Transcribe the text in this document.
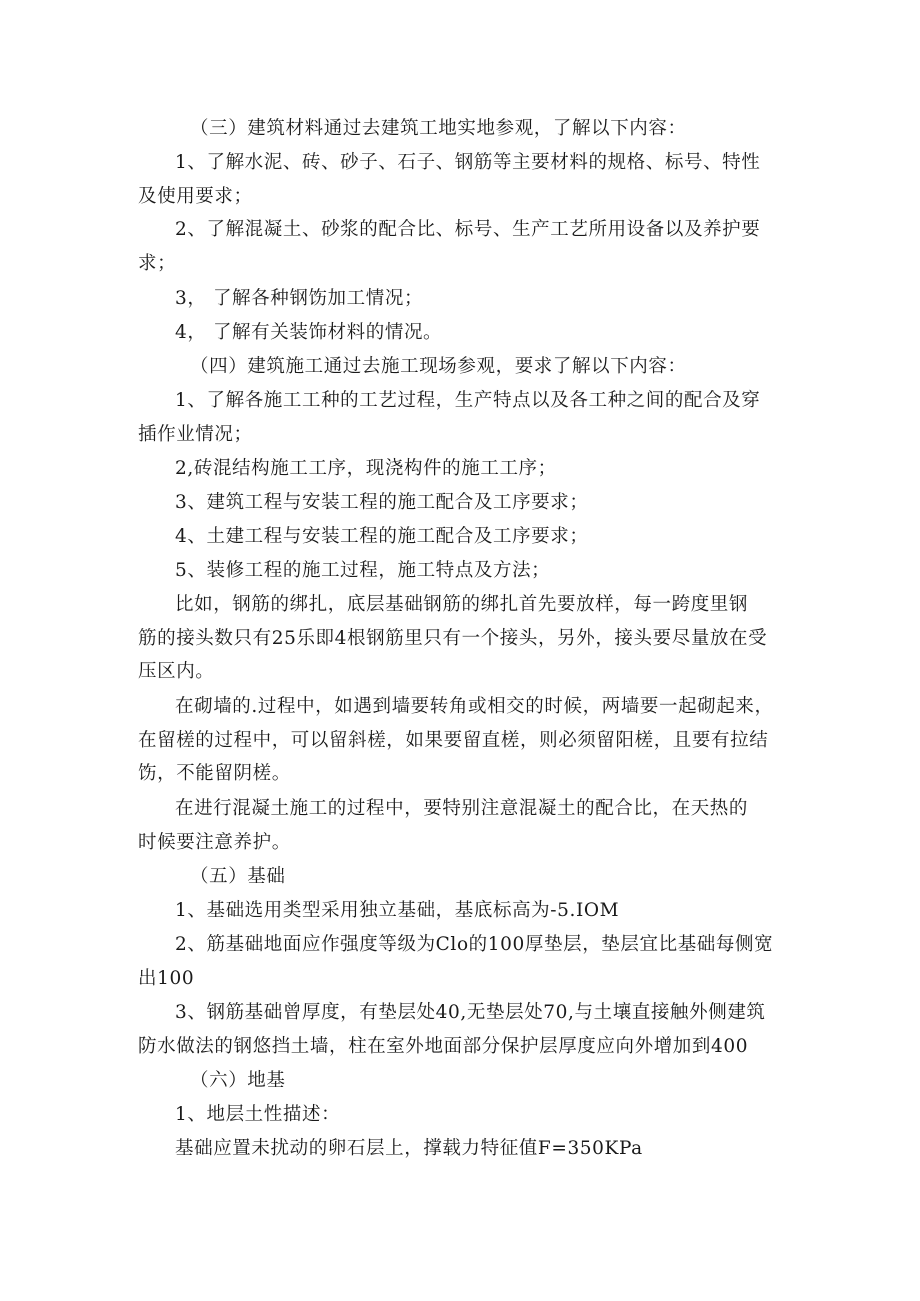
（三）建筑材料通过去建筑工地实地参观，了解以下内容：
1、了解水泥、砖、砂子、石子、钢筋等主要材料的规格、标号、特性
及使用要求；
2、了解混凝土、砂浆的配合比、标号、生产工艺所用设备以及养护要
求；
3， 了解各种钢饬加工情况；
4， 了解有关装饰材料的情况。
（四）建筑施工通过去施工现场参观，要求了解以下内容：
1、了解各施工工种的工艺过程，生产特点以及各工种之间的配合及穿
插作业情况；
2,砖混结构施工工序，现浇构件的施工工序；
3、建筑工程与安装工程的施工配合及工序要求；
4、土建工程与安装工程的施工配合及工序要求；
5、装修工程的施工过程，施工特点及方法；
比如，钢筋的绑扎，底层基础钢筋的绑扎首先要放样，每一跨度里钢
筋的接头数只有25乐即4根钢筋里只有一个接头，另外，接头要尽量放在受
压区内。
在砌墙的.过程中，如遇到墙要转角或相交的时候，两墙要一起砌起来，
在留槎的过程中，可以留斜槎，如果要留直槎，则必须留阳槎，且要有拉结
饬，不能留阴槎。
在进行混凝土施工的过程中，要特别注意混凝土的配合比，在天热的
时候要注意养护。
（五）基础
1、基础选用类型采用独立基础，基底标高为-5.IOM
2、筋基础地面应作强度等级为Clo的100厚垫层，垫层宜比基础每侧宽
出100
3、钢筋基础曾厚度，有垫层处40,无垫层处70,与土壤直接触外侧建筑
防水做法的钢悠挡土墙，柱在室外地面部分保护层厚度应向外增加到400
（六）地基
1、地层土性描述：
基础应置未扰动的卵石层上，撑载力特征值F=350KPa
